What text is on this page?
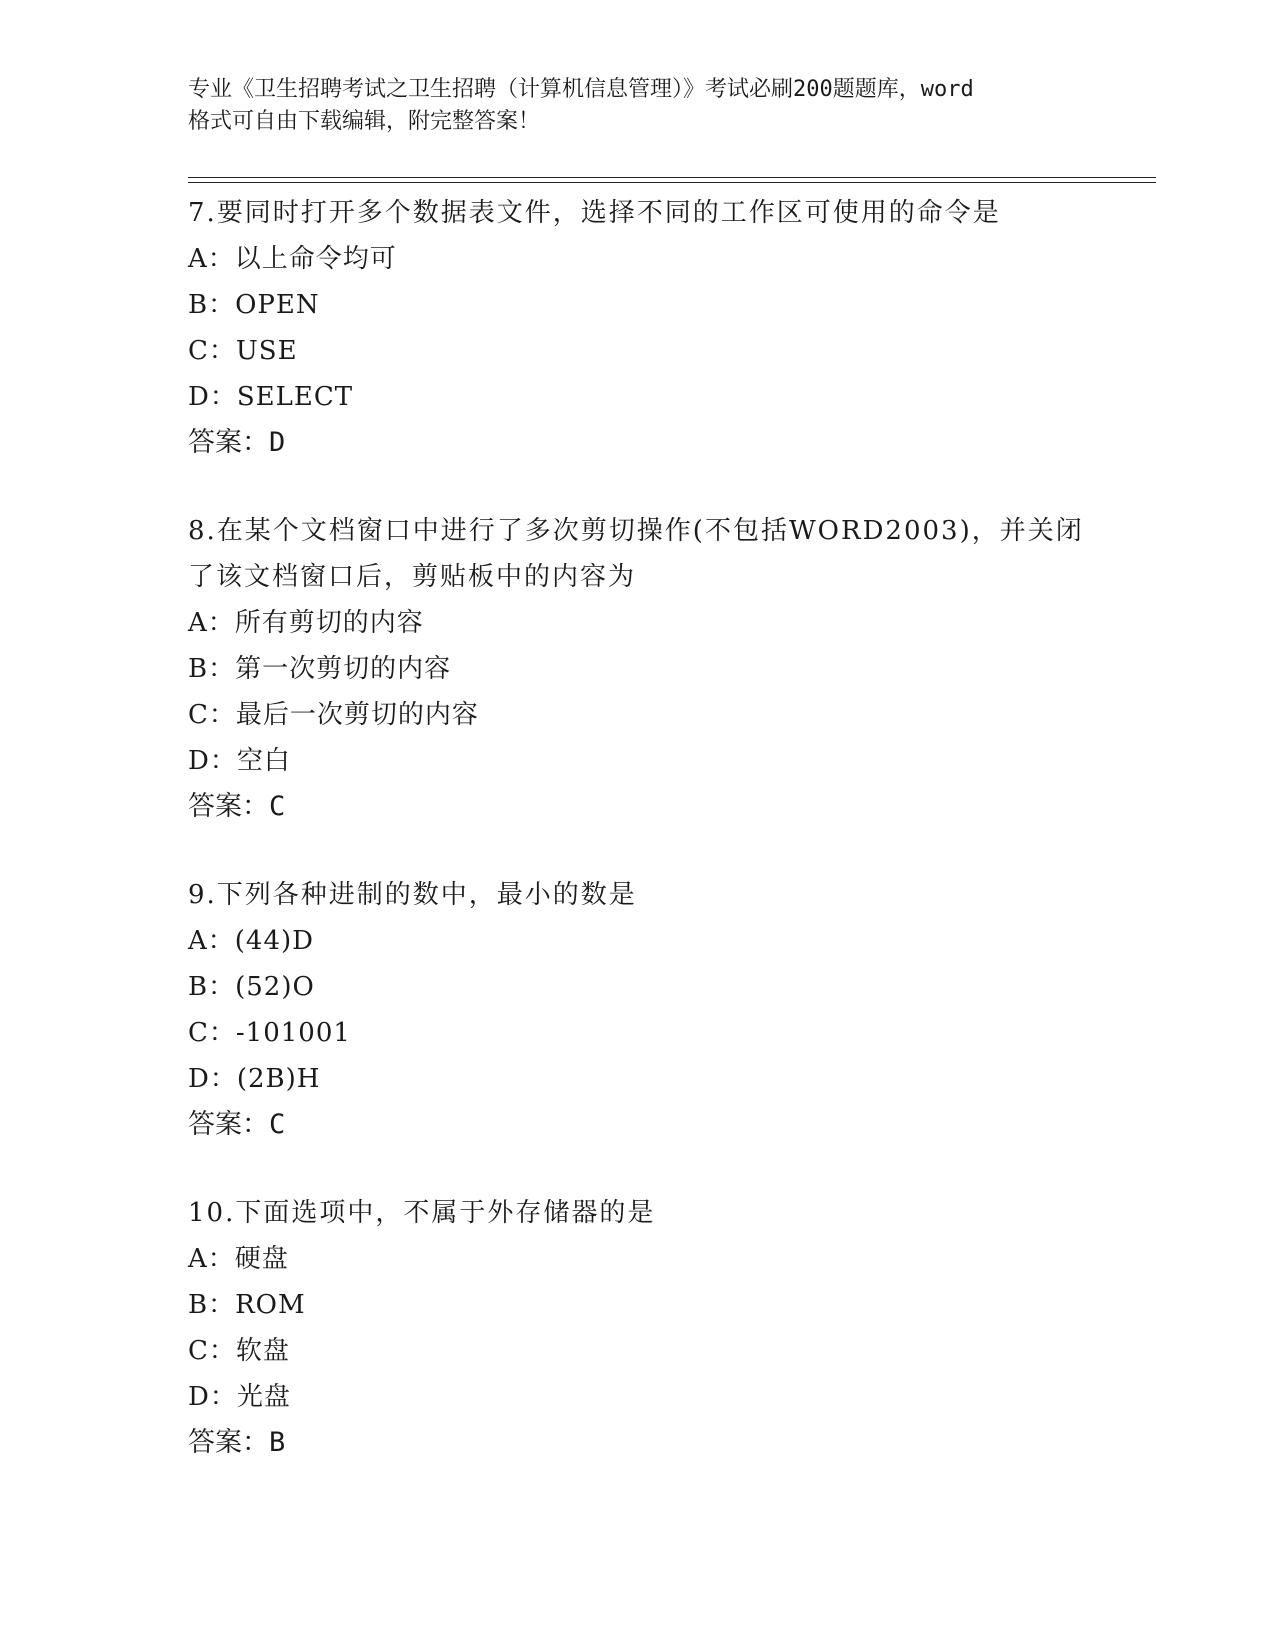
专业《卫生招聘考试之卫生招聘（计算机信息管理）》考试必刷200题题库，word
格式可自由下载编辑，附完整答案！
7.要同时打开多个数据表文件，选择不同的工作区可使用的命令是
A：以上命令均可
B：OPEN
C：USE
D：SELECT
答案：D
8.在某个文档窗口中进行了多次剪切操作(不包括WORD2003)，并关闭
了该文档窗口后，剪贴板中的内容为
A：所有剪切的内容
B：第一次剪切的内容
C：最后一次剪切的内容
D：空白
答案：C
9.下列各种进制的数中，最小的数是
A：(44)D
B：(52)O
C：-101001
D：(2B)H
答案：C
10.下面选项中，不属于外存储器的是
A：硬盘
B：ROM
C：软盘
D：光盘
答案：B
